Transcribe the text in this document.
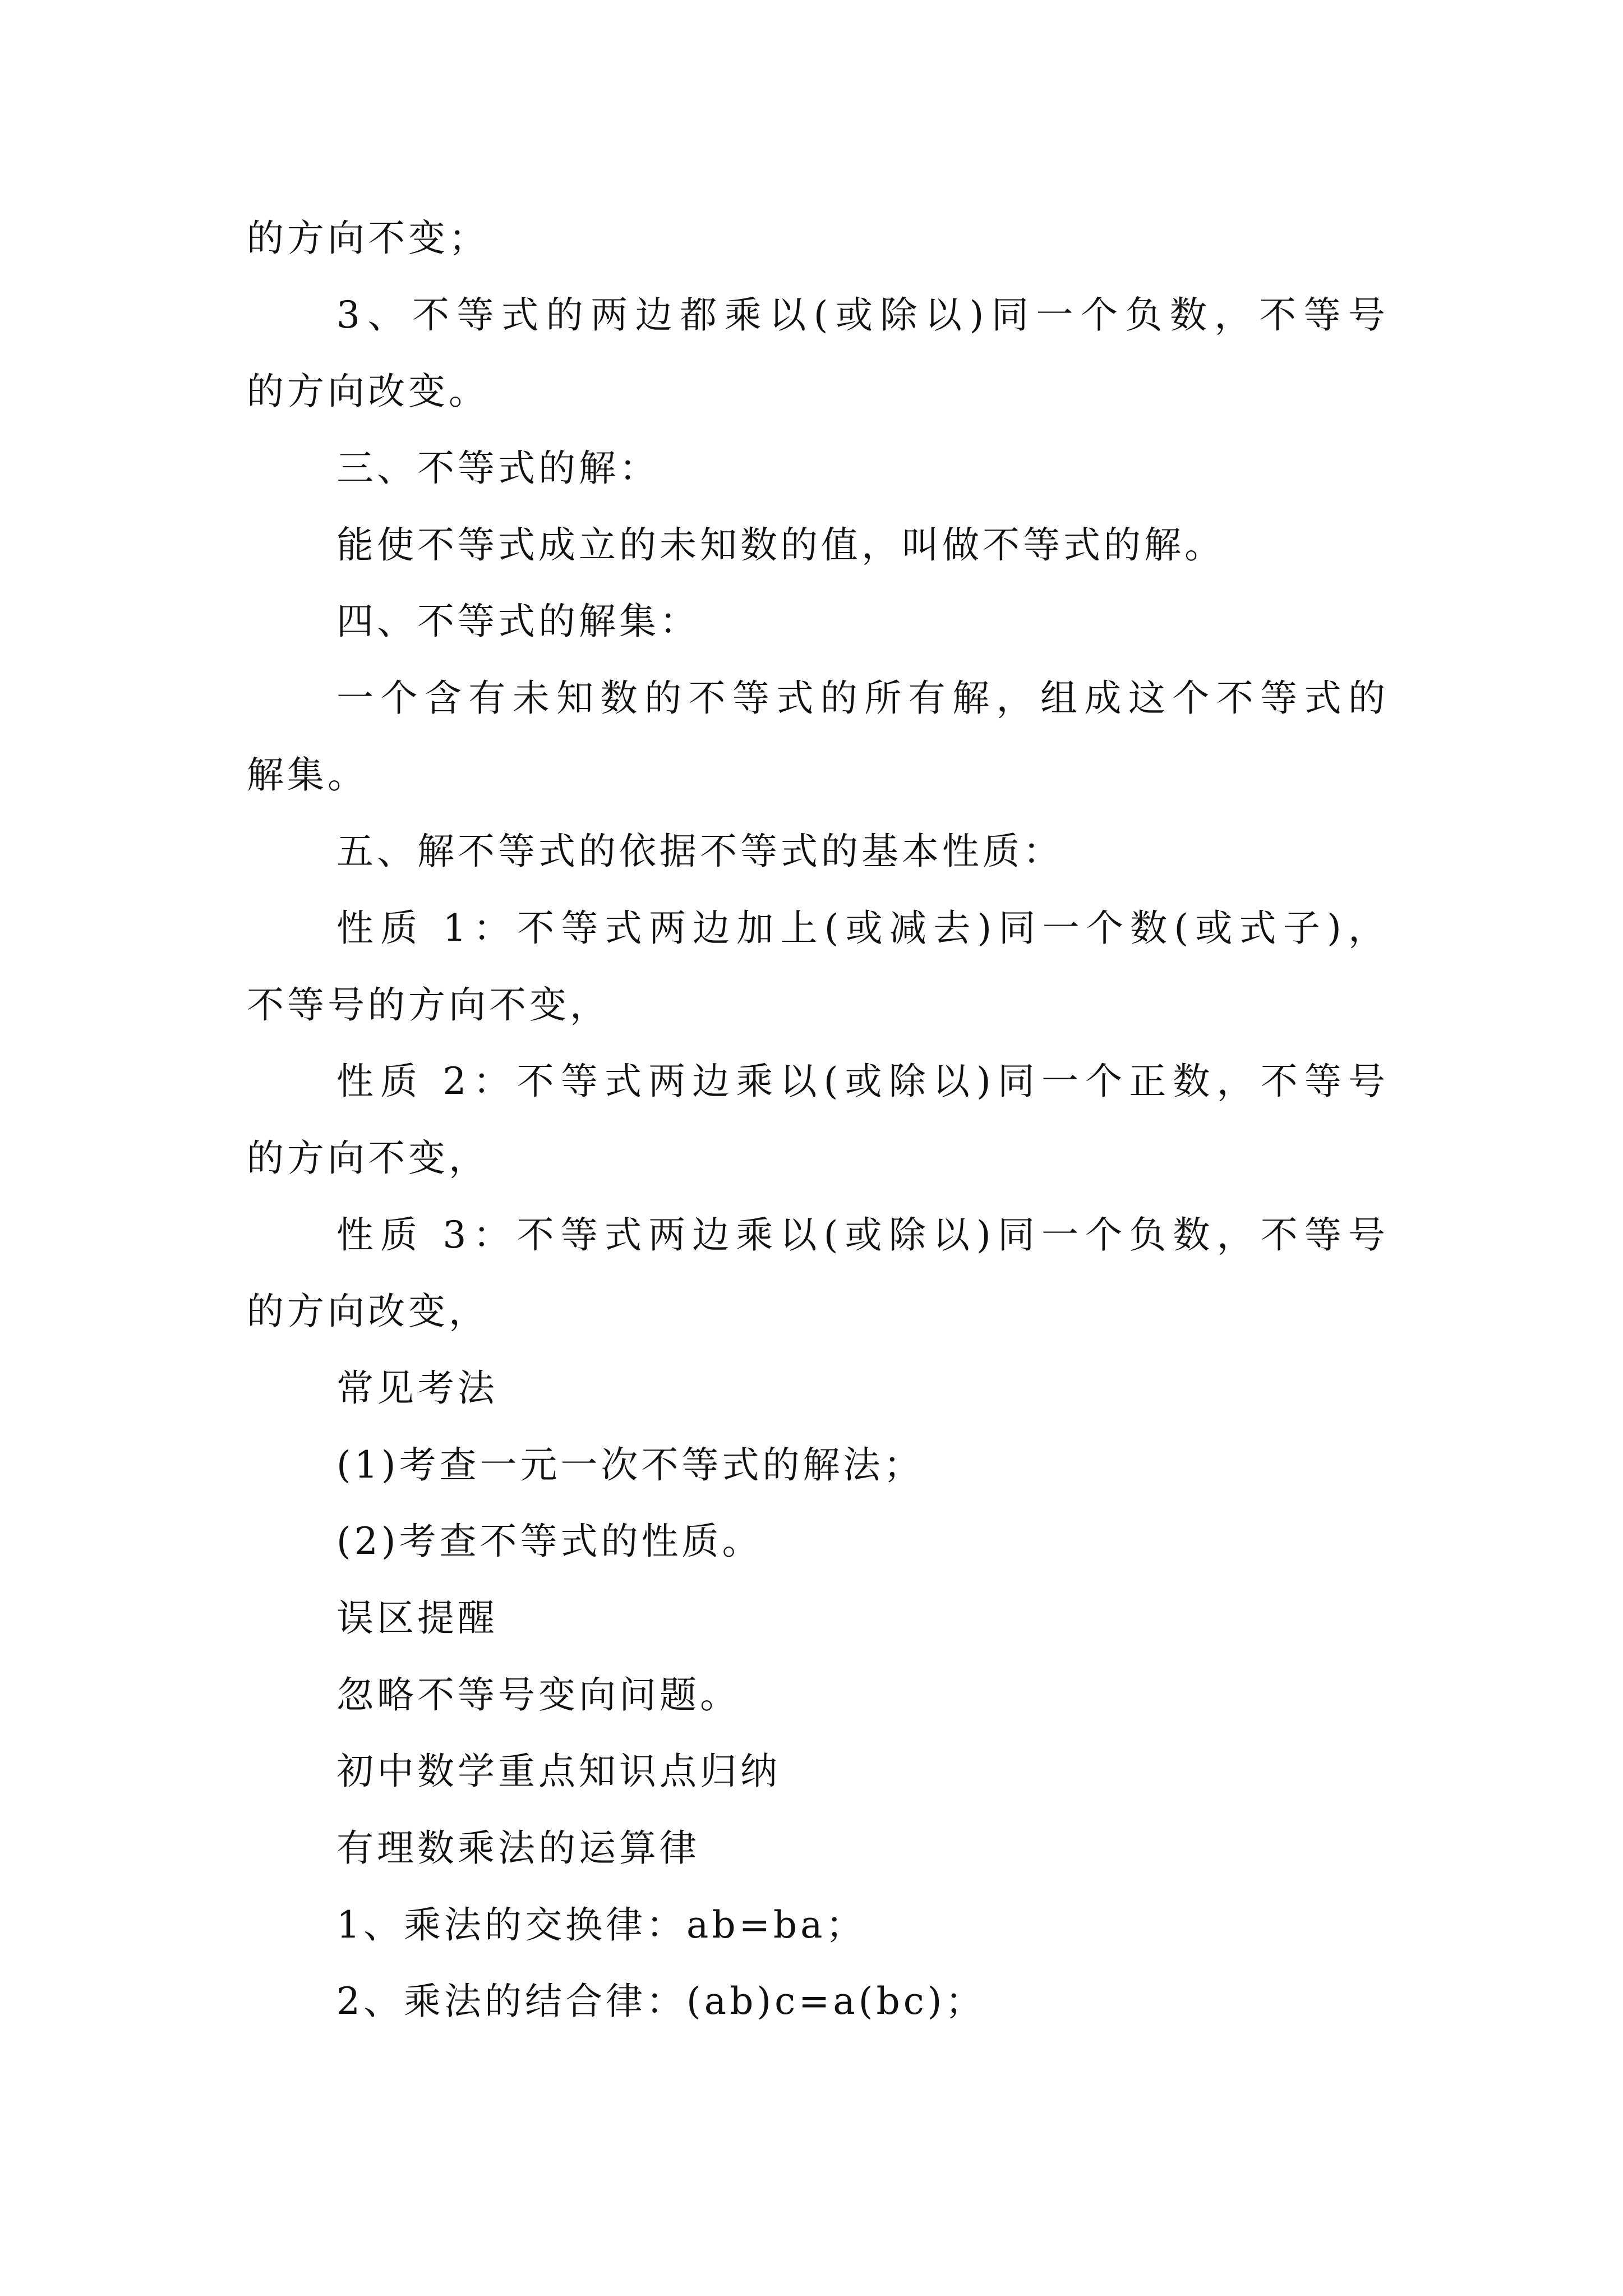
的方向不变；
3、不等式的两边都乘以(或除以)同一个负数，不等号
的方向改变。
三、不等式的解：
能使不等式成立的未知数的值，叫做不等式的解。
四、不等式的解集：
一个含有未知数的不等式的所有解，组成这个不等式的
解集。
五、解不等式的依据不等式的基本性质：
性质 1：不等式两边加上(或减去)同一个数(或式子)，
不等号的方向不变，
性质 2：不等式两边乘以(或除以)同一个正数，不等号
的方向不变，
性质 3：不等式两边乘以(或除以)同一个负数，不等号
的方向改变，
常见考法
(1)考查一元一次不等式的解法；
(2)考查不等式的性质。
误区提醒
忽略不等号变向问题。
初中数学重点知识点归纳
有理数乘法的运算律
1、乘法的交换律：ab=ba；
2、乘法的结合律：(ab)c=a(bc)；
